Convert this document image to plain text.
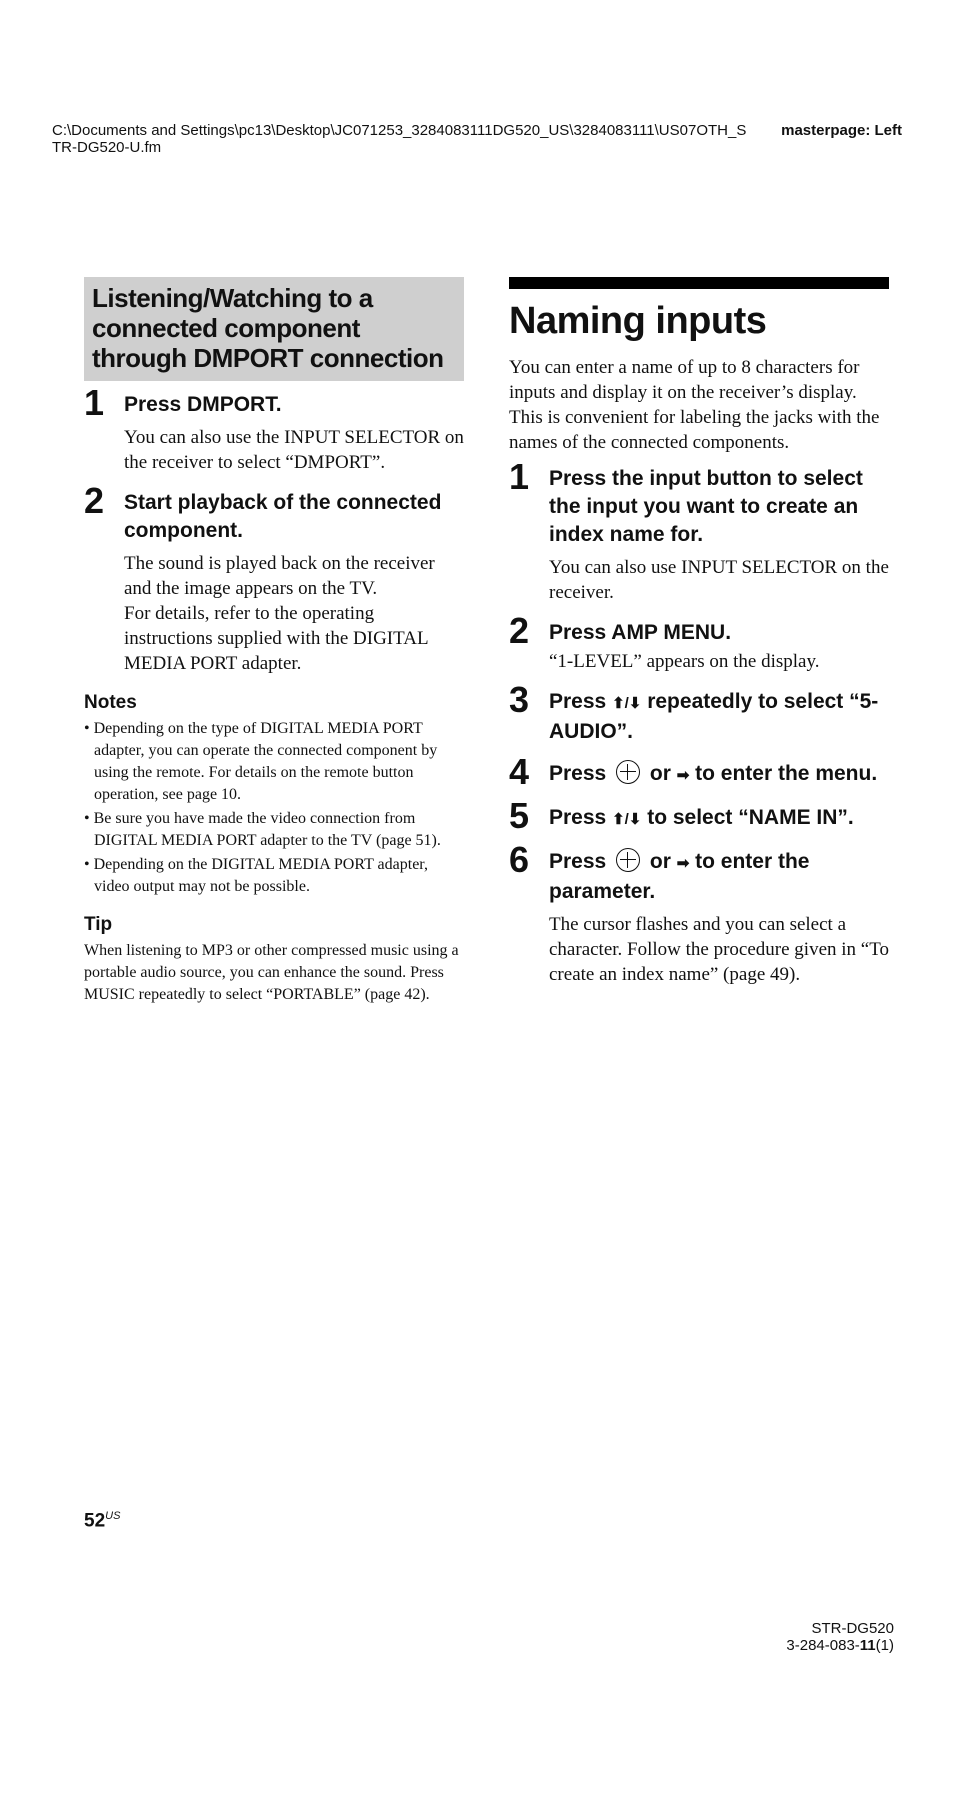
C:\Documents and Settings\pc13\Desktop\JC071253_3284083111DG520_US\3284083111\US07OTH_STR-DG520-U.fm
masterpage: Left
Listening/Watching to a connected component through DMPORT connection
1 Press DMPORT.
You can also use the INPUT SELECTOR on the receiver to select “DMPORT”.
2 Start playback of the connected component.
The sound is played back on the receiver and the image appears on the TV.
For details, refer to the operating instructions supplied with the DIGITAL MEDIA PORT adapter.
Notes
• Depending on the type of DIGITAL MEDIA PORT adapter, you can operate the connected component by using the remote. For details on the remote button operation, see page 10.
• Be sure you have made the video connection from DIGITAL MEDIA PORT adapter to the TV (page 51).
• Depending on the DIGITAL MEDIA PORT adapter, video output may not be possible.
Tip
When listening to MP3 or other compressed music using a portable audio source, you can enhance the sound. Press MUSIC repeatedly to select “PORTABLE” (page 42).
Naming inputs
You can enter a name of up to 8 characters for inputs and display it on the receiver’s display. This is convenient for labeling the jacks with the names of the connected components.
1 Press the input button to select the input you want to create an index name for.
You can also use INPUT SELECTOR on the receiver.
2 Press AMP MENU.
“1-LEVEL” appears on the display.
3 Press ⬆/⬇ repeatedly to select “5-AUDIO”.
4 Press  or ➡ to enter the menu.
5 Press ⬆/⬇ to select “NAME IN”.
6 Press  or ➡ to enter the parameter.
The cursor flashes and you can select a character. Follow the procedure given in “To create an index name” (page 49).
$52^{US}$
STR-DG520
3-284-083-11(1)
